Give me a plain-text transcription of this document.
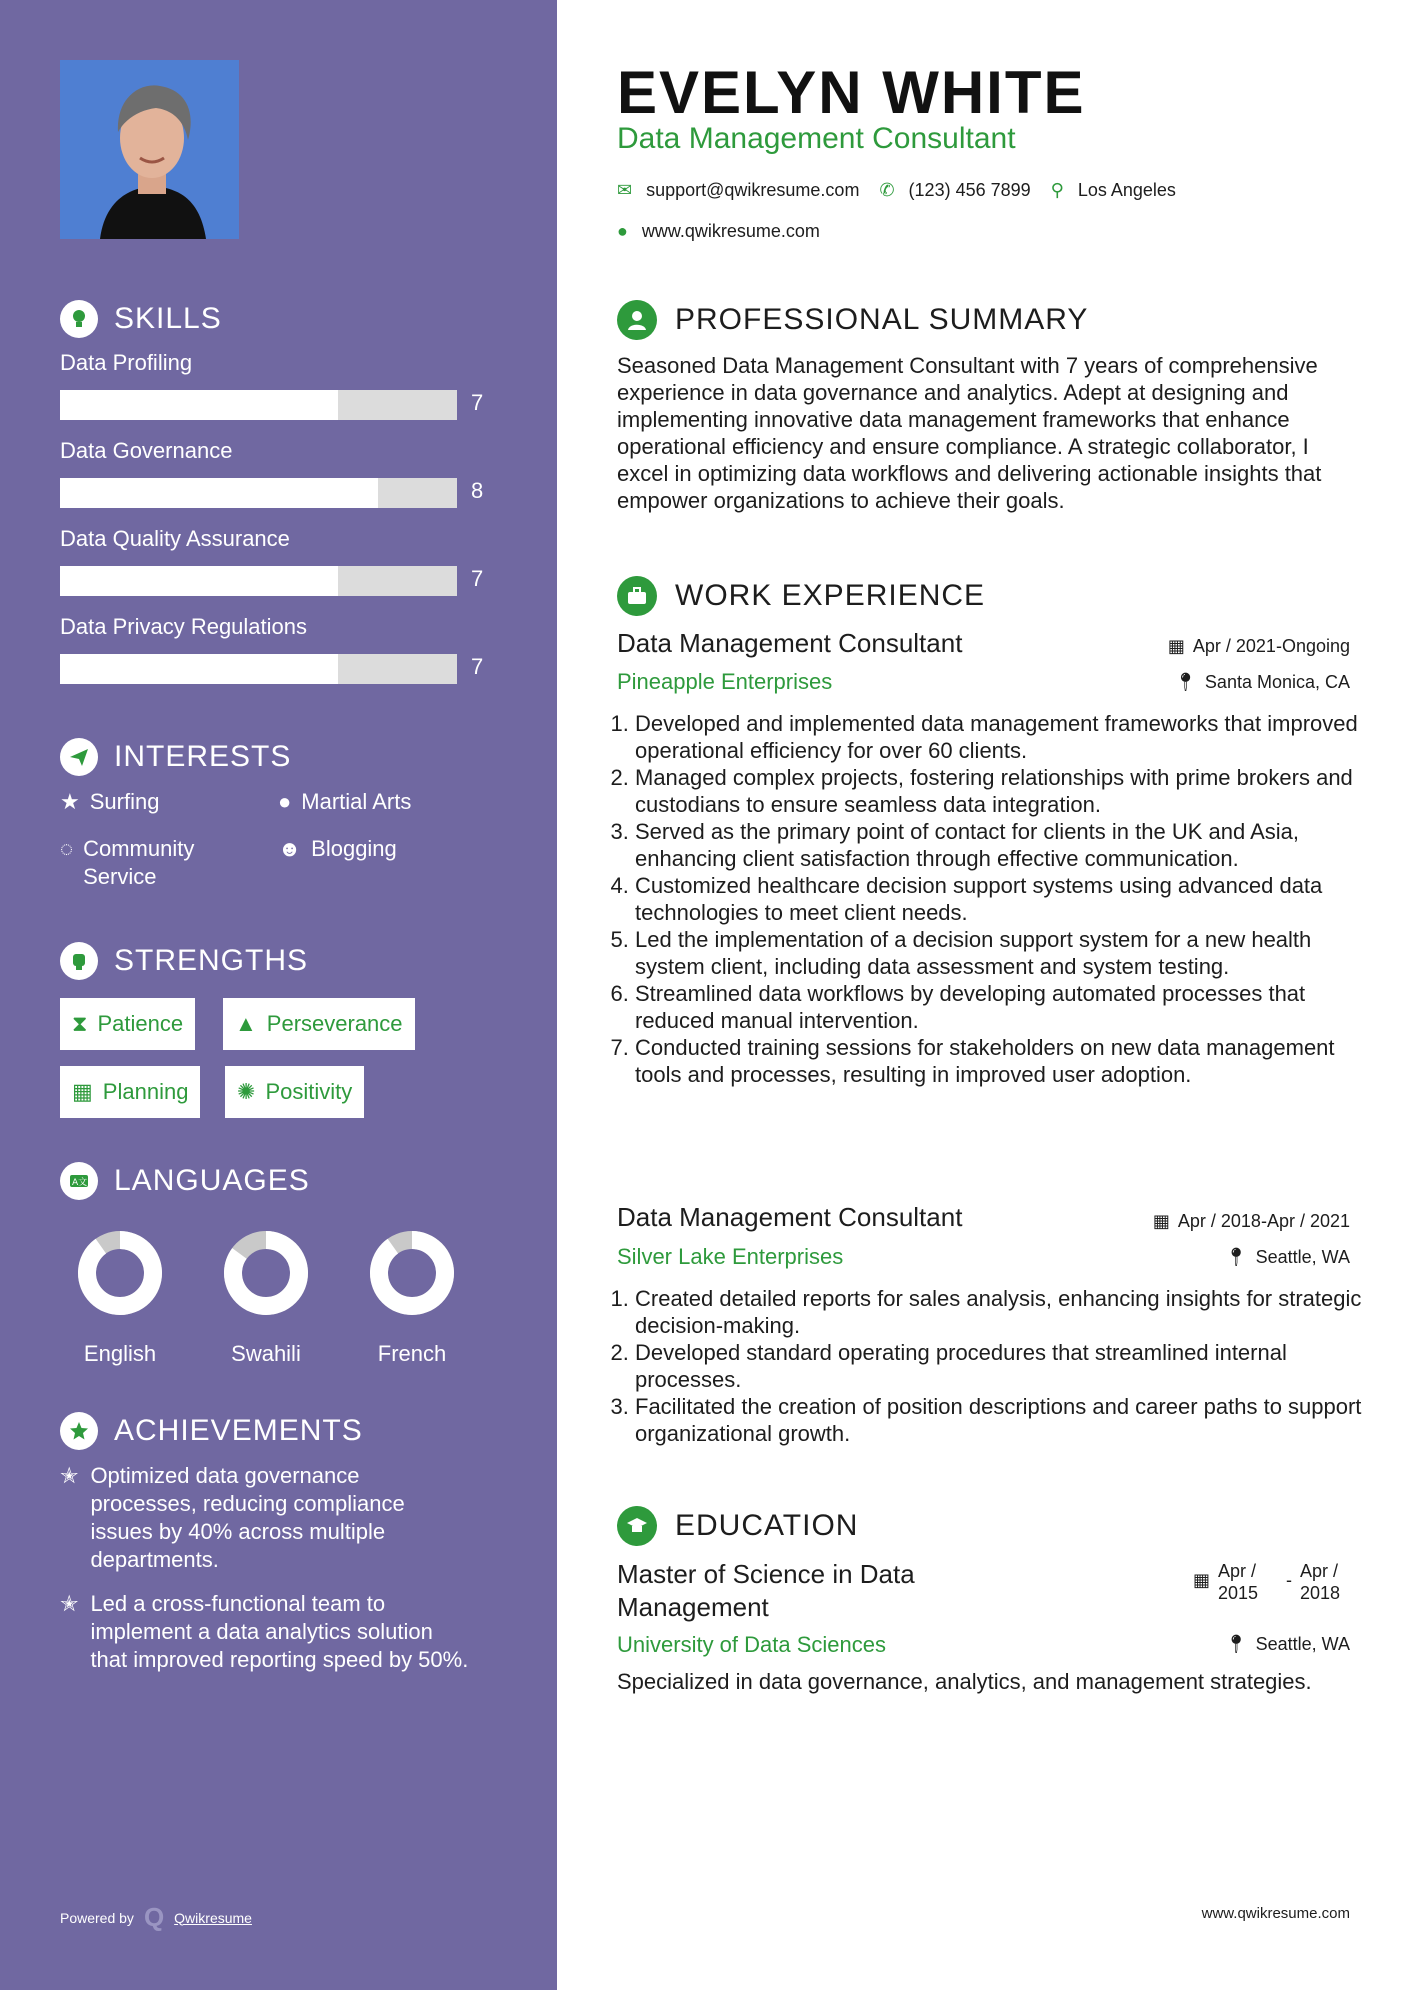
SKILLS
Data Profiling
7
Data Governance
8
Data Quality Assurance
7
Data Privacy Regulations
7
INTERESTS
★ Surfing	● Martial Arts
◌ Community Service
☻ Blogging
STRENGTHS
⧗ Patience ▲ Perseverance
▦ Planning ✺ Positivity
A文 LANGUAGES
English	Swahili	French
ACHIEVEMENTS
✭ Optimized data governance processes, reducing compliance issues by 40% across multiple departments.
✭ Led a cross-functional team to implement a data analytics solution that improved reporting speed by 50%.
Powered by Q Qwikresume
EVELYN WHITE
Data Management Consultant
✉ support@qwikresume.com ✆ (123) 456 7899 ⚲ Los Angeles
● www.qwikresume.com
PROFESSIONAL SUMMARY
Seasoned Data Management Consultant with 7 years of comprehensive experience in data governance and analytics. Adept at designing and implementing innovative data management frameworks that enhance operational efficiency and ensure compliance. A strategic collaborator, I excel in optimizing data workflows and delivering actionable insights that empower organizations to achieve their goals.
WORK EXPERIENCE
Data Management Consultant	▦ Apr / 2021-Ongoing
Pineapple Enterprises	📍︎ Santa Monica, CA
1. Developed and implemented data management frameworks that improved operational efficiency for over 60 clients.
2. Managed complex projects, fostering relationships with prime brokers and custodians to ensure seamless data integration.
3. Served as the primary point of contact for clients in the UK and Asia, enhancing client satisfaction through effective communication.
4. Customized healthcare decision support systems using advanced data technologies to meet client needs.
5. Led the implementation of a decision support system for a new health system client, including data assessment and system testing.
6. Streamlined data workflows by developing automated processes that reduced manual intervention.
7. Conducted training sessions for stakeholders on new data management tools and processes, resulting in improved user adoption.
Data Management Consultant	▦ Apr / 2018-Apr / 2021
Silver Lake Enterprises	📍︎ Seattle, WA
1. Created detailed reports for sales analysis, enhancing insights for strategic decision-making.
2. Developed standard operating procedures that streamlined internal processes.
3. Facilitated the creation of position descriptions and career paths to support organizational growth.
EDUCATION
Master of Science in Data Management
▦ Apr / 2015
- Apr / 2018
University of Data Sciences	📍︎ Seattle, WA
Specialized in data governance, analytics, and management strategies.
www.qwikresume.com
